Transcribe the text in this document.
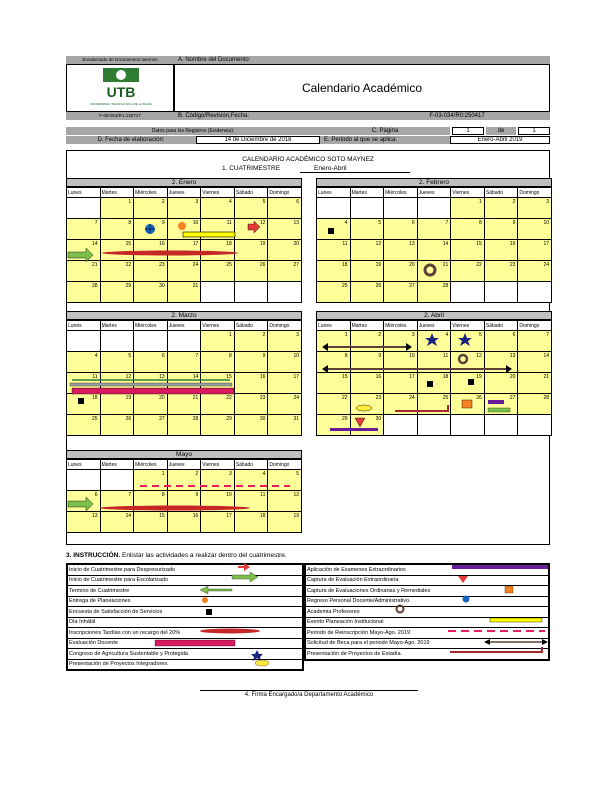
Encabezado de Documentos Internos
UTB
UNIVERSIDAD TECNOLÓGICA DE LA BAHÍA
F-08-003/R1:130717
A. Nombre del Documento:
Calendario Académico
B. Código/Revisión,Fecha:	F-03-034/R0:250417
Datos para los Registros (Evidencia):	C. Página	1	de	1
D. Fecha de elaboración:	14 de Diciembre de 2018	E. Periodo al que se aplica:	Enero-Abril 2019
CALENDARIO ACADÉMICO SOTO MAYNEZ
1. CUATRIMESTRE	Enero-Abril
2. Enero
Lunes	Martes	Miércoles	Jueves	Viernes	Sábado	Domingo

	1	2	3	4	5	6

7	8	9	10	11	12	13

14	15	16	17	18	19	20

21	22	23	24	25	26	27

28	29	30	31			

2. Febrero
Lunes	Martes	Miércoles	Jueves	Viernes	Sábado	Domingo

				1	2	3

4	5	6	7	8	9	10

11	12	13	14	15	16	17

18	19	20	21	22	23	24

25	26	27	28			

2. Marzo
Lunes	Martes	Miércoles	Jueves	Viernes	Sábado	Domingo

				1	2	3

4	5	6	7	8	9	10

11	12	13	14	15	16	17

18	19	20	21	22	23	24

25	26	27	28	29	30	31
2. Abril
Lunes	Martes	Miércoles	Jueves	Viernes	Sábado	Domingo

1	2	3	4	5	6	7

8	9	10	11	12	13	14

15	16	17	18	19	20	21

22	23	24	25	26	27	28

29	30					

Mayo
Lunes	Martes	Miércoles	Jueves	Viernes	Sábado	Domingo

		1	2	3	4	5

6	7	8	9	10	11	12

13	14	15	16	17	18	19
3. INSTRUCCIÓN. Enlistar las actividades a realizar dentro del cuatrimestre.
Inicio de Cuatrimestre para Despresurizado
Inicio de Cuatrimestre para Escolarizado
Termino de Cuatrimestre
Entrega de Planeaciones
Encuesta de Satisfacción de Servicios
Día Inhábil
Inscripciones Tardías con un recargo del 20%
Evaluación Docente
Congreso de Agricultura Sustentable y Protegida
Presentación de Proyectos Integradores.
Aplicación de Examenes Extraordinarios
Captura de Evaluación Extraordinaria
Captura de Evaluaciones Ordinarias y Remediales
Regreso Personal Docente/Administrativo.
Academia Profesores
Evento Planeación Institucional
Periodo de Reinscripción Mayo-Ago. 2019
Solicitud de Beca para el periodo Mayo-Ago. 2019
Presentación de Proyectos de Estadía.
4. Firma Encargado/a Departamento Académico
